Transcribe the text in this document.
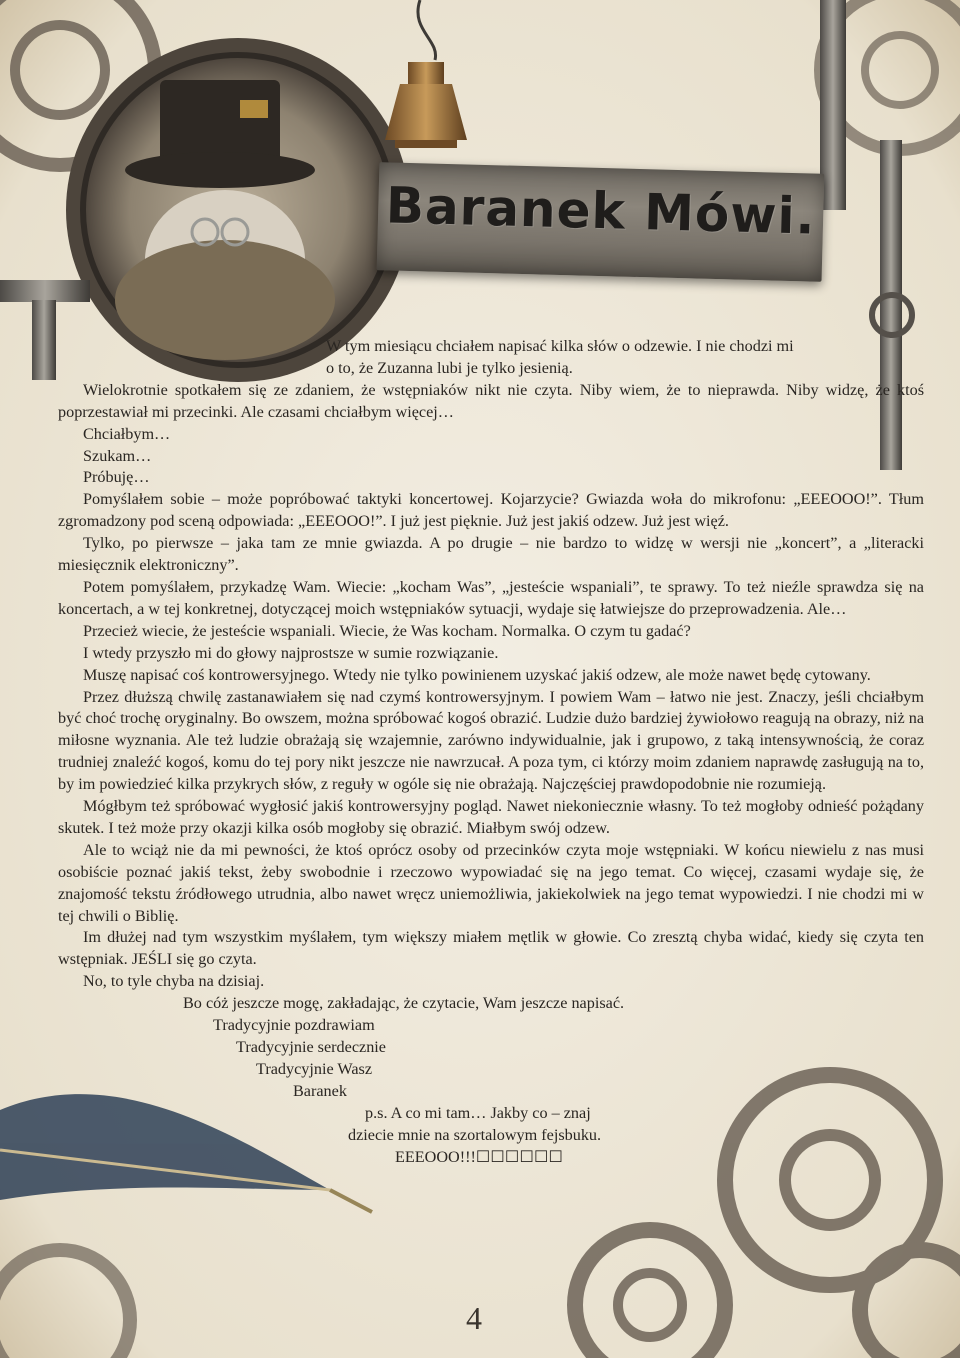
Baranek Mówi.

W tym miesiącu chciałem napisać kilka słów o odzewie. I nie chodzi mi

o to, że Zuzanna lubi je tylko jesienią.

Wielokrotnie spotkałem się ze zdaniem, że wstępniaków nikt nie czyta. Niby wiem, że to nieprawda. Niby widzę, że ktoś poprzestawiał mi przecinki. Ale czasami chciałbym więcej…

Chciałbym…

Szukam…

Próbuję…

Pomyślałem sobie – może popróbować taktyki koncertowej. Kojarzycie? Gwiazda woła do mikrofonu: „EEEOOO!”. Tłum zgromadzony pod sceną odpowiada: „EEEOOO!”. I już jest pięknie. Już jest jakiś odzew. Już jest więź.

Tylko, po pierwsze – jaka tam ze mnie gwiazda. A po drugie – nie bardzo to widzę w wersji nie „koncert”, a „literacki miesięcznik elektroniczny”.

Potem pomyślałem, przykadzę Wam. Wiecie: „kocham Was”, „jesteście wspaniali”, te sprawy. To też nieźle sprawdza się na koncertach, a w tej konkretnej, dotyczącej moich wstępniaków sytuacji, wydaje się łatwiejsze do przeprowadzenia. Ale…

Przecież wiecie, że jesteście wspaniali. Wiecie, że Was kocham. Normalka. O czym tu gadać?

I wtedy przyszło mi do głowy najprostsze w sumie rozwiązanie.

Muszę napisać coś kontrowersyjnego. Wtedy nie tylko powinienem uzyskać jakiś odzew, ale może nawet będę cytowany.

Przez dłuższą chwilę zastanawiałem się nad czymś kontrowersyjnym. I powiem Wam – łatwo nie jest. Znaczy, jeśli chciałbym być choć trochę oryginalny. Bo owszem, można spróbować kogoś obrazić. Ludzie dużo bardziej żywiołowo reagują na obrazy, niż na miłosne wyznania. Ale też ludzie obrażają się wzajemnie, zarówno indywidualnie, jak i grupowo, z taką intensywnością, że coraz trudniej znaleźć kogoś, komu do tej pory nikt jeszcze nie nawrzucał. A poza tym, ci którzy moim zdaniem naprawdę zasługują na to, by im powiedzieć kilka przykrych słów, z reguły w ogóle się nie obrażają. Najczęściej prawdopodobnie nie rozumieją.

Mógłbym też spróbować wygłosić jakiś kontrowersyjny pogląd. Nawet niekoniecznie własny. To też mogłoby odnieść pożądany skutek. I też może przy okazji kilka osób mogłoby się obrazić. Miałbym swój odzew.

Ale to wciąż nie da mi pewności, że ktoś oprócz osoby od przecinków czyta moje wstępniaki. W końcu niewielu z nas musi osobiście poznać jakiś tekst, żeby swobodnie i rzeczowo wypowiadać się na jego temat. Co więcej, czasami wydaje się, że znajomość tekstu źródłowego utrudnia, albo nawet wręcz uniemożliwia, jakiekolwiek na jego temat wypowiedzi. I nie chodzi mi w tej chwili o Biblię.

Im dłużej nad tym wszystkim myślałem, tym większy miałem mętlik w głowie. Co zresztą chyba widać, kiedy się czyta ten wstępniak. JEŚLI się go czyta.

No, to tyle chyba na dzisiaj.

Bo cóż jeszcze mogę, zakładając, że czytacie, Wam jeszcze napisać.

Tradycyjnie pozdrawiam

Tradycyjnie serdecznie

Tradycyjnie Wasz

Baranek

p.s. A co mi tam… Jakby co – znaj

dziecie mnie na szortalowym fejsbuku.

EEEOOO!!!☐☐☐☐☐☐

4
